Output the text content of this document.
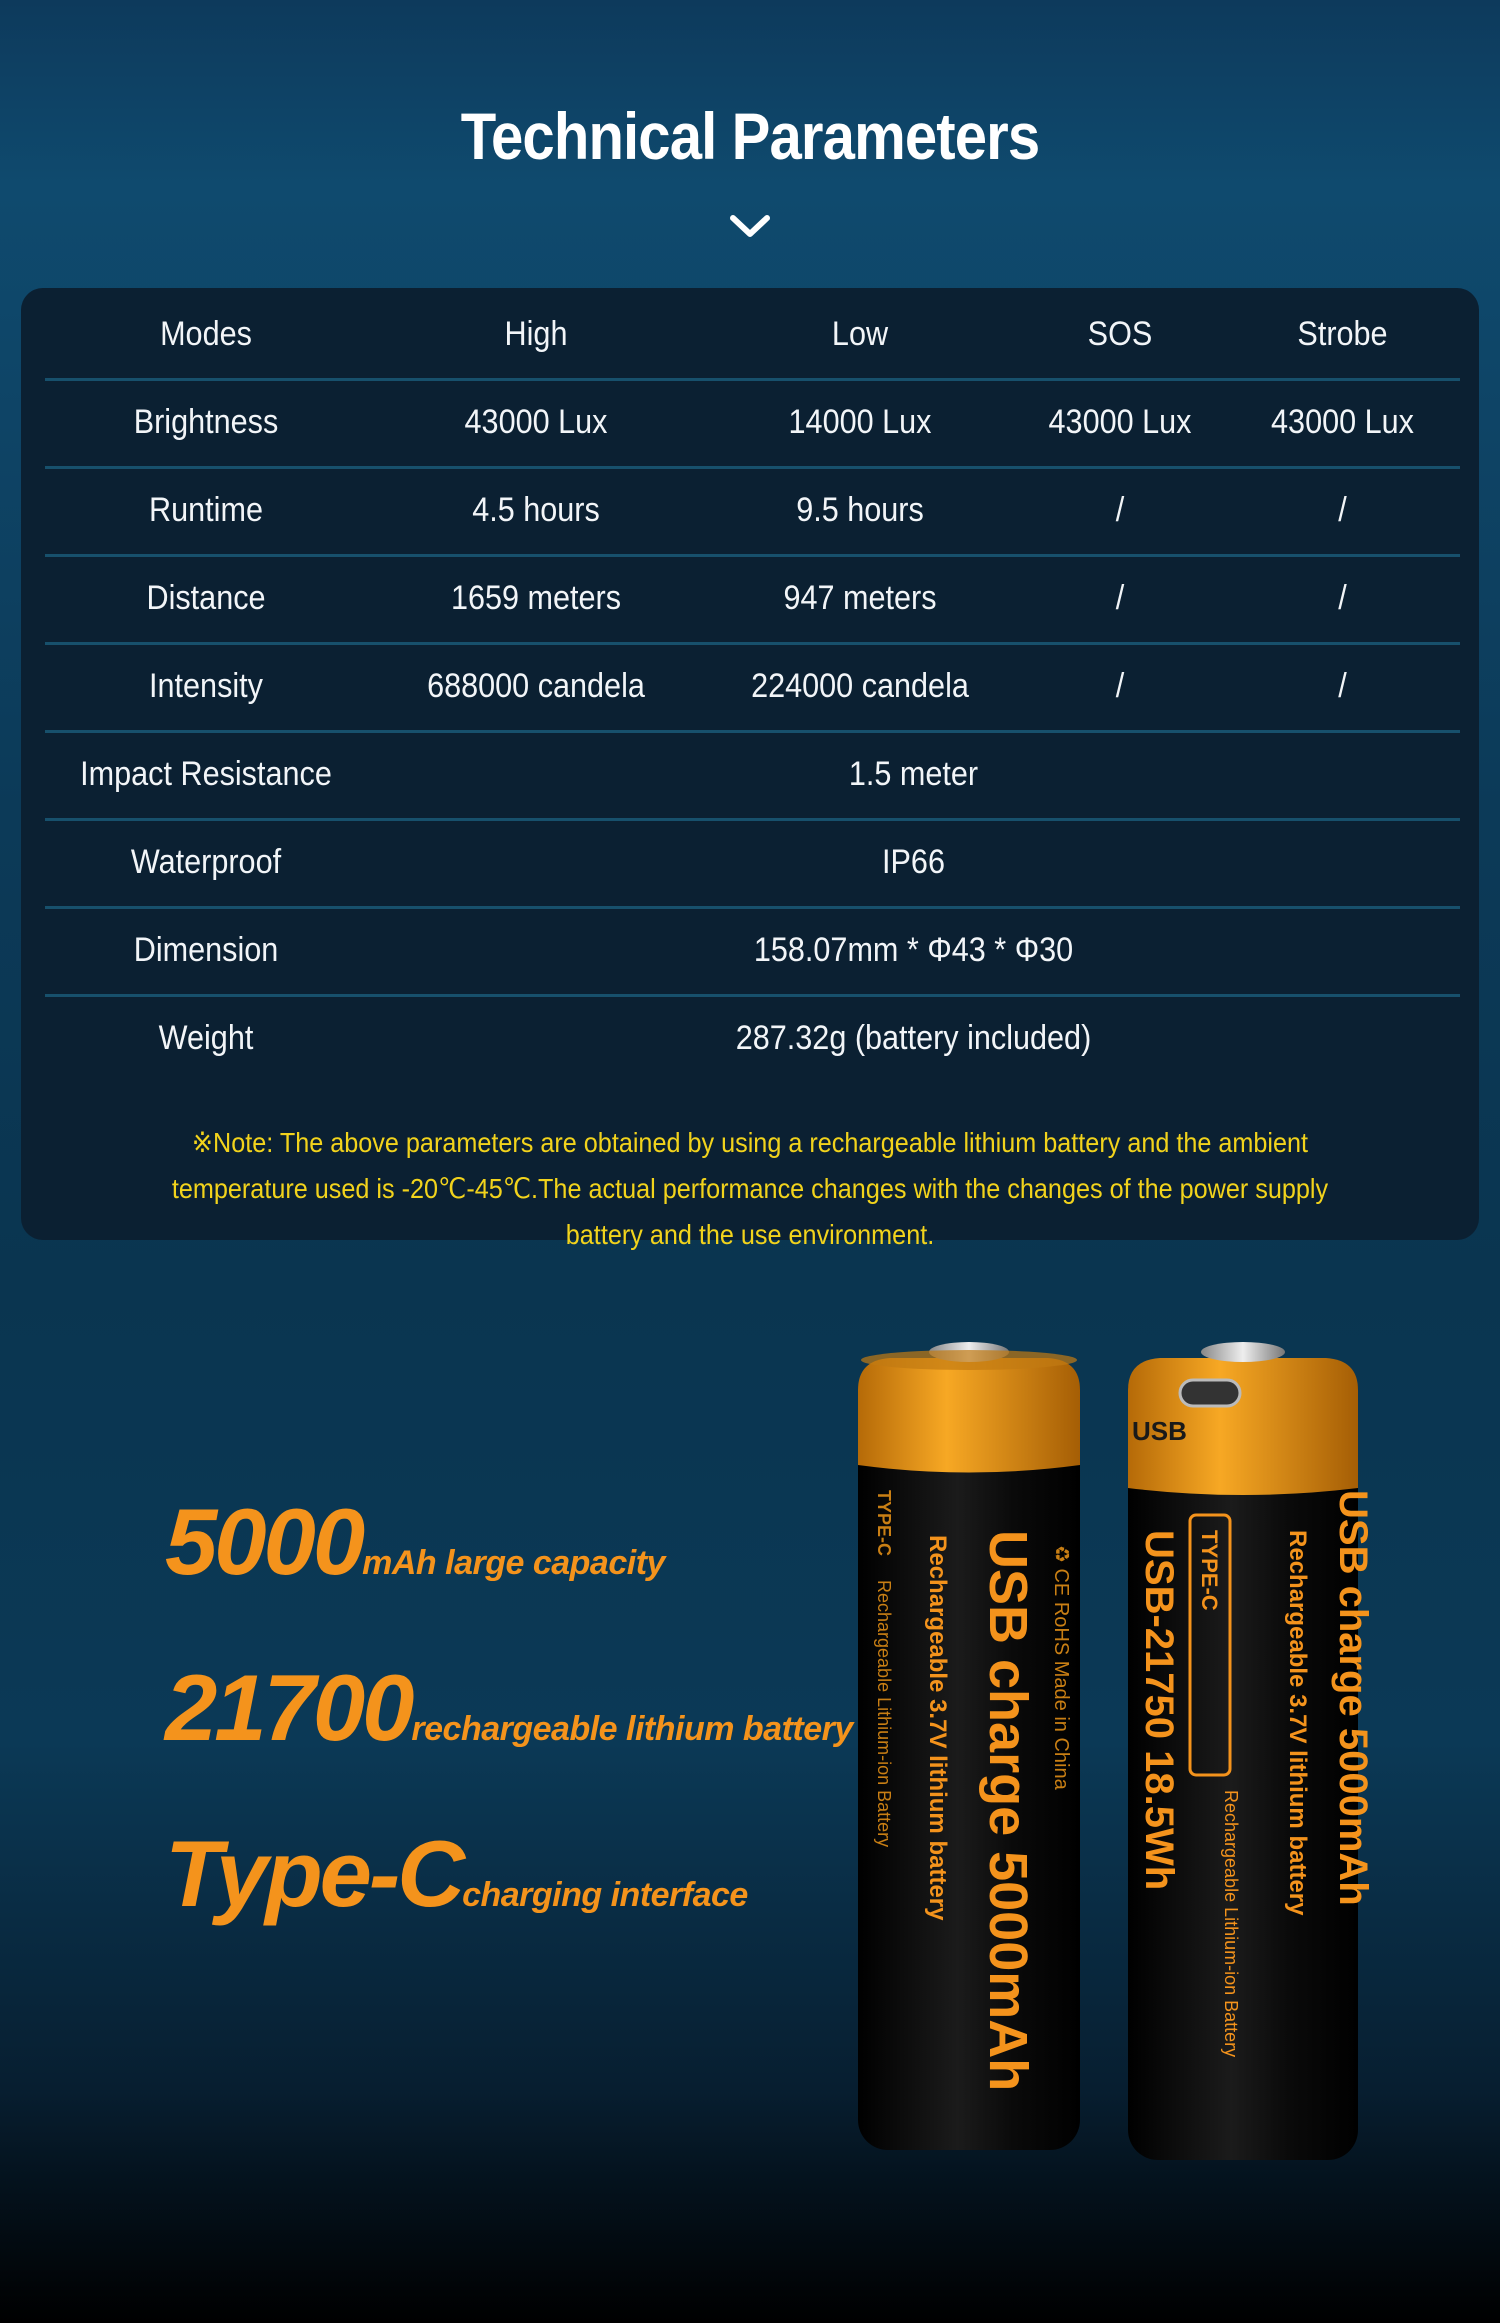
Technical Parameters
Modes	High	Low	SOS	Strobe
Brightness	43000 Lux	14000 Lux	43000 Lux	43000 Lux
Runtime	4.5 hours	9.5 hours	/	/
Distance	1659 meters	947 meters	/	/
Intensity	688000 candela	224000 candela	/	/
Impact Resistance	1.5 meter
Waterproof	IP66
Dimension	158.07mm * Φ43 * Φ30
Weight	287.32g (battery included)
※Note: The above parameters are obtained by using a rechargeable lithium battery and the ambient temperature used is -20℃-45℃.The actual performance changes with the changes of the power supply battery and the use environment.
5000mAh large capacity
21700rechargeable lithium battery
Type-Ccharging interface	USB charge 5000mAh
Rechargeable 3.7V lithium battery
Rechargeable Lithium-ion Battery
TYPE-C
♻ CE RoHS Made in China
USB
TYPE-C
USB-21750 18.5Wh
Rechargeable Lithium-ion Battery
Rechargeable 3.7V lithium battery USB charge 5000mAh
